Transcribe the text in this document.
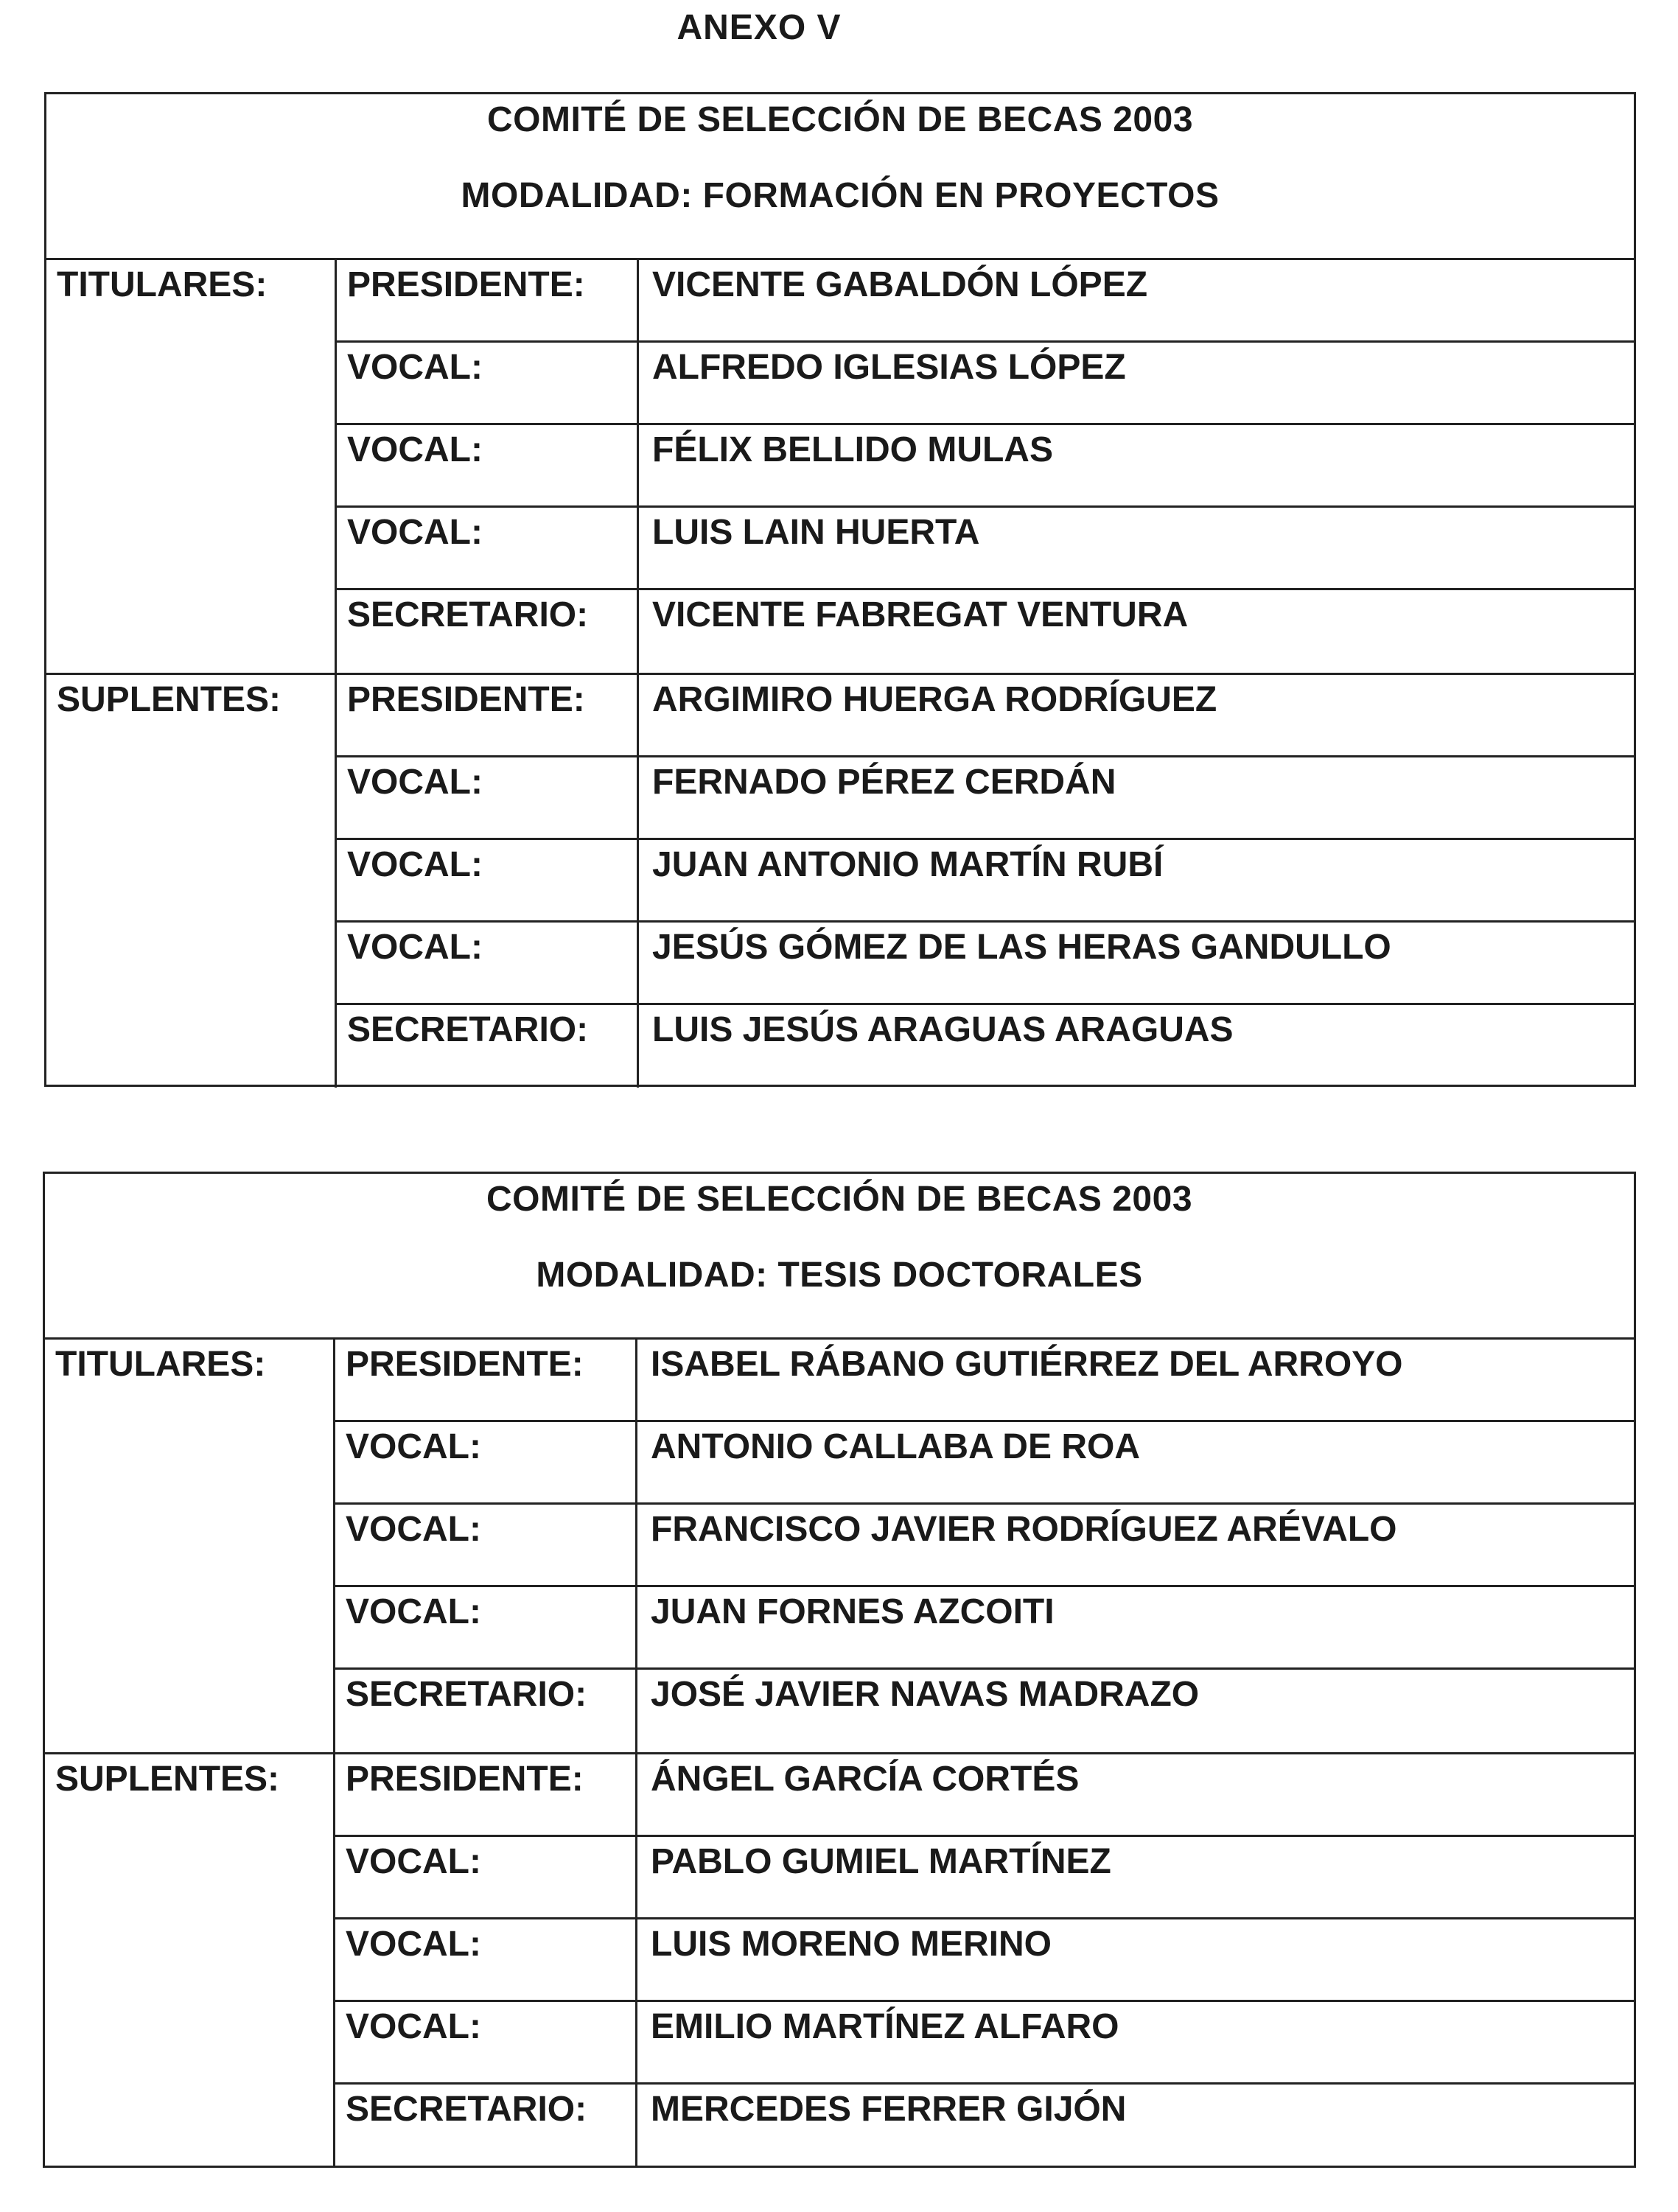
ANEXO V
COMITÉ DE SELECCIÓN DE BECAS 2003
MODALIDAD: FORMACIÓN EN PROYECTOS
TITULARES:	PRESIDENTE:	VICENTE GABALDÓN LÓPEZ
VOCAL:	ALFREDO IGLESIAS LÓPEZ
VOCAL:	FÉLIX BELLIDO MULAS
VOCAL:	LUIS LAIN HUERTA
SECRETARIO:	VICENTE FABREGAT VENTURA
SUPLENTES:	PRESIDENTE:	ARGIMIRO HUERGA RODRÍGUEZ
VOCAL:	FERNADO PÉREZ CERDÁN
VOCAL:	JUAN ANTONIO MARTÍN RUBÍ
VOCAL:	JESÚS GÓMEZ DE LAS HERAS GANDULLO
SECRETARIO:	LUIS JESÚS ARAGUAS ARAGUAS
COMITÉ DE SELECCIÓN DE BECAS 2003
MODALIDAD: TESIS DOCTORALES
TITULARES:	PRESIDENTE:	ISABEL RÁBANO GUTIÉRREZ DEL ARROYO
VOCAL:	ANTONIO CALLABA DE ROA
VOCAL:	FRANCISCO JAVIER RODRÍGUEZ ARÉVALO
VOCAL:	JUAN FORNES AZCOITI
SECRETARIO:	JOSÉ JAVIER NAVAS MADRAZO
SUPLENTES:	PRESIDENTE:	ÁNGEL GARCÍA CORTÉS
VOCAL:	PABLO GUMIEL MARTÍNEZ
VOCAL:	LUIS MORENO MERINO
VOCAL:	EMILIO MARTÍNEZ ALFARO
SECRETARIO:	MERCEDES FERRER GIJÓN
